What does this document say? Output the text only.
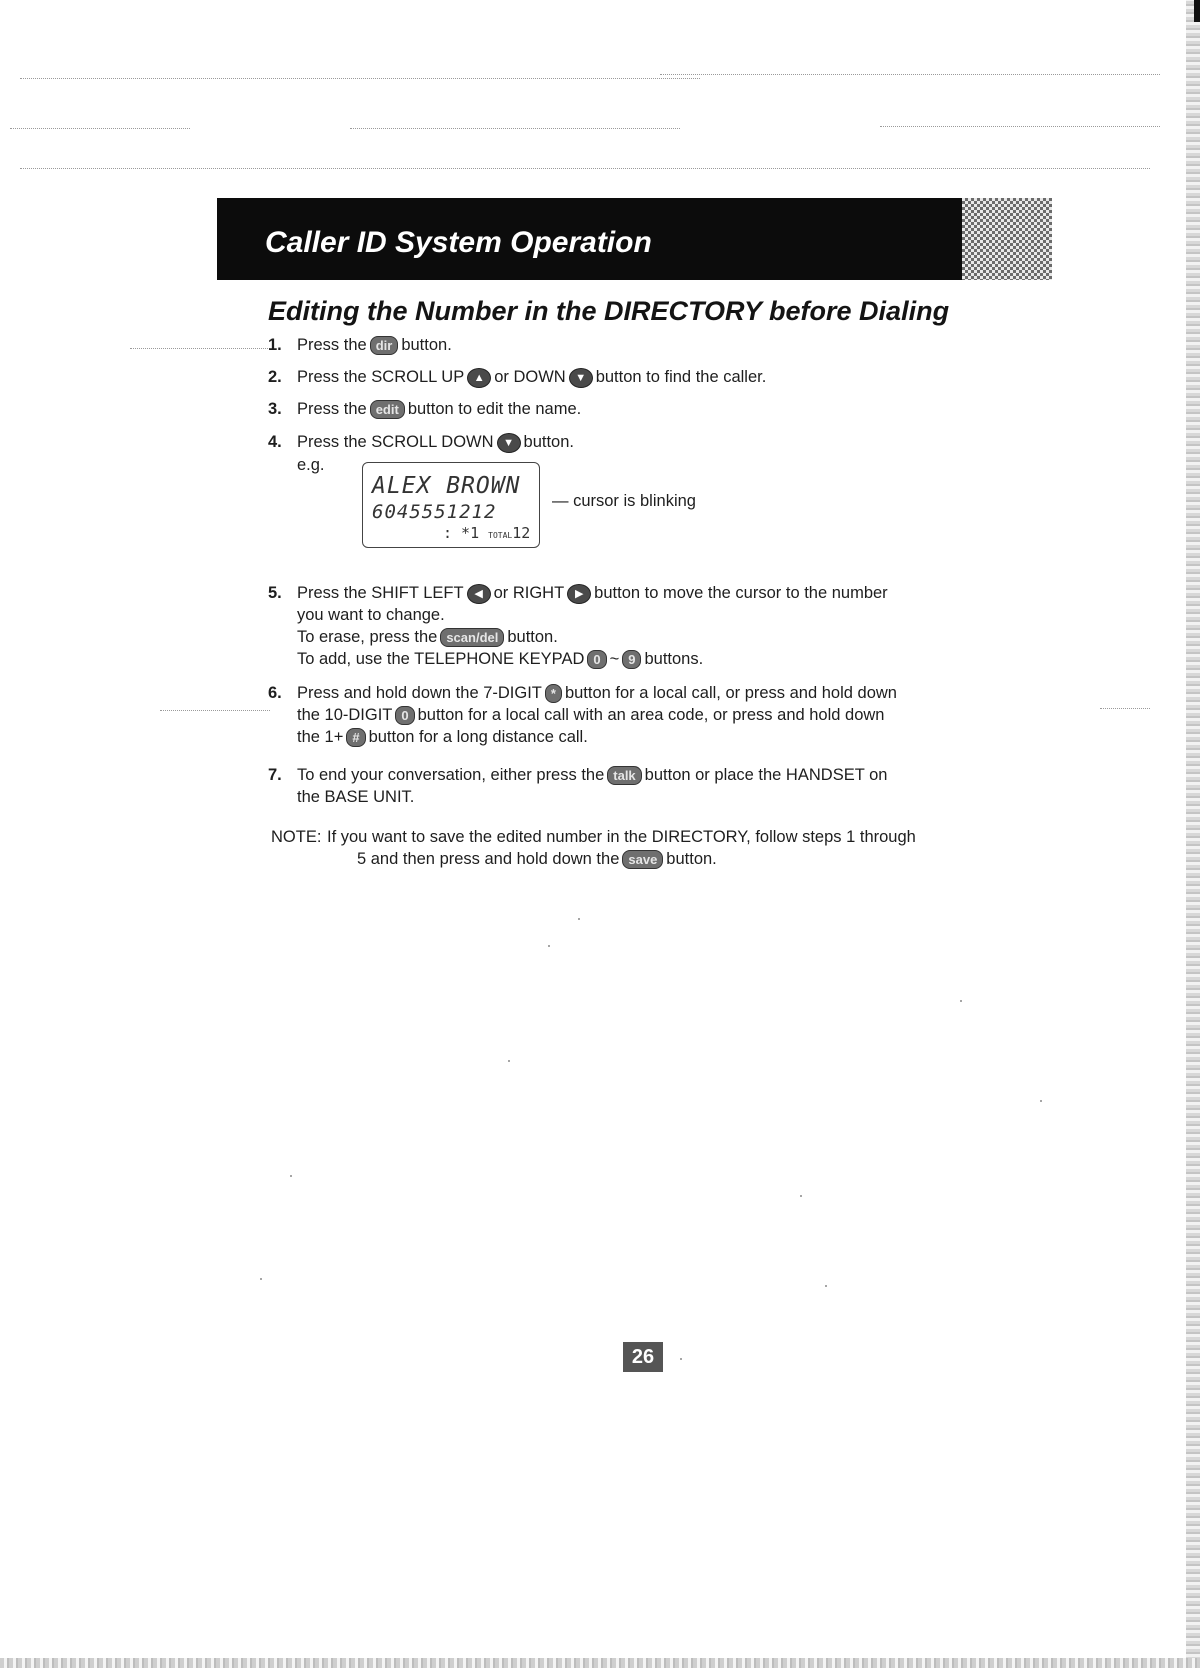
Caller ID System Operation
Editing the Number in the DIRECTORY before Dialing
1. Press the dir button.
2. Press the SCROLL UP ▲ or DOWN ▼ button to find the caller.
3. Press the edit button to edit the name.
4. Press the SCROLL DOWN ▼ button.
e.g.
ALEX BROWN
6045551212
: *1 TOTAL12
— cursor is blinking
5. Press the SHIFT LEFT ◀ or RIGHT ▶ button to move the cursor to the number
you want to change.
To erase, press the scan/del button.
To add, use the TELEPHONE KEYPAD 0 ~ 9 buttons.
6. Press and hold down the 7-DIGIT * button for a local call, or press and hold down
the 10-DIGIT 0 button for a local call with an area code, or press and hold down
the 1+ # button for a long distance call.
7. To end your conversation, either press the talk button or place the HANDSET on
the BASE UNIT.
NOTE: If you want to save the edited number in the DIRECTORY, follow steps 1 through
5 and then press and hold down the save button.
26
